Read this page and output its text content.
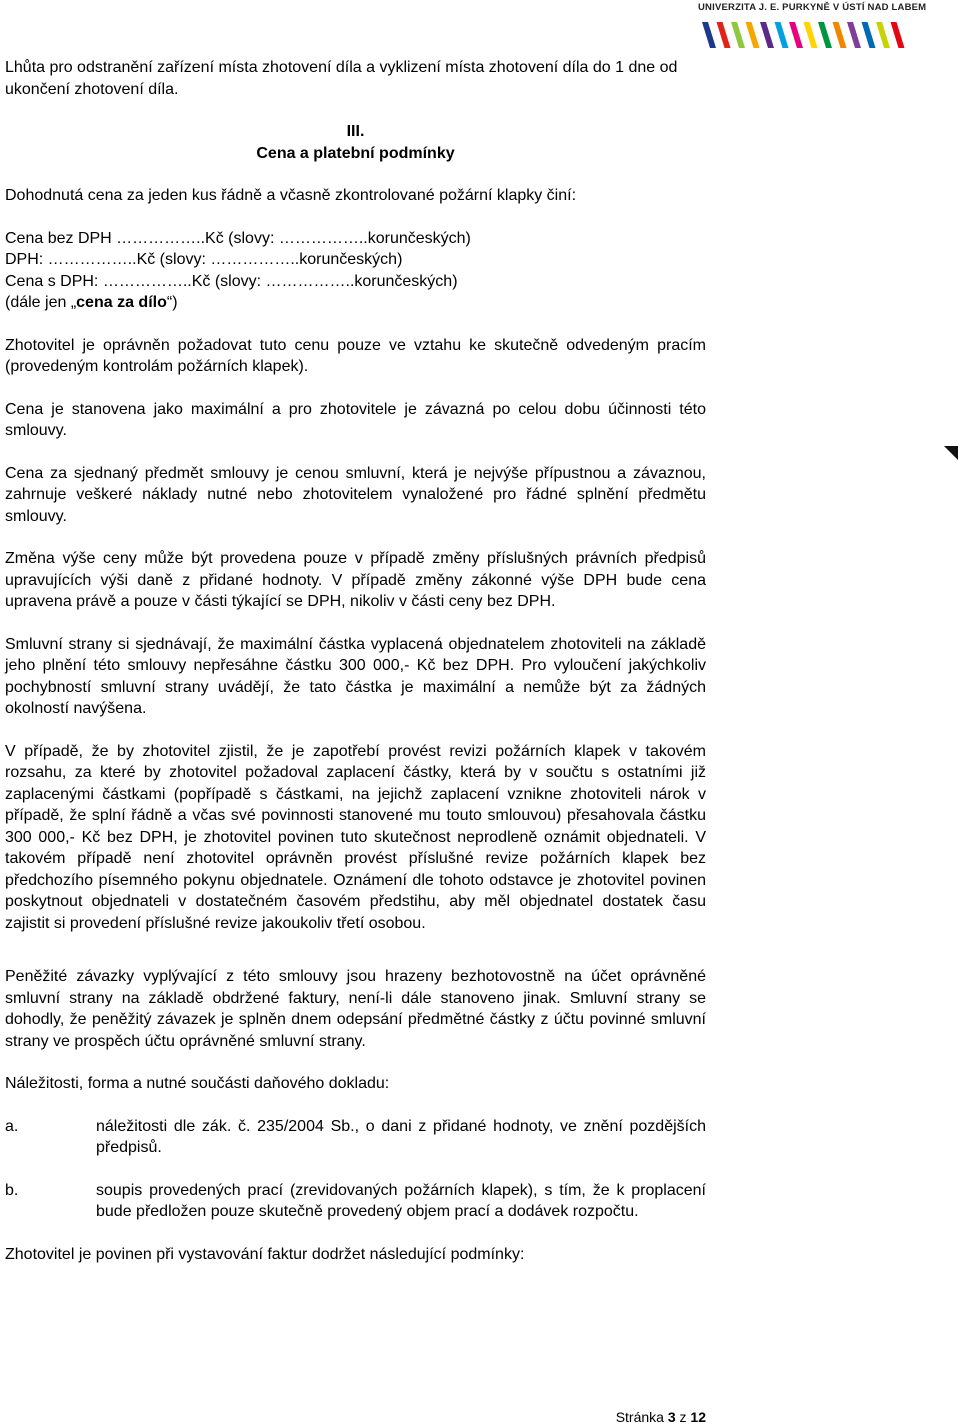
UNIVERZITA J. E. PURKYNĚ V ÚSTÍ NAD LABEM

Lhůta pro odstranění zařízení místa zhotovení díla a vyklizení místa zhotovení díla do 1 dne od ukončení zhotovení díla.

III.

Cena a platební podmínky

Dohodnutá cena za jeden kus řádně a včasně zkontrolované požární klapky činí:

Cena bez DPH ……………..Kč (slovy: ……………..korunčeských)

DPH: ……………..Kč (slovy: ……………..korunčeských)

Cena s DPH: ……………..Kč (slovy: ……………..korunčeských)

(dále jen „cena za dílo“)

Zhotovitel je oprávněn požadovat tuto cenu pouze ve vztahu ke skutečně odvedeným pracím (provedeným kontrolám požárních klapek).

Cena je stanovena jako maximální a pro zhotovitele je závazná po celou dobu účinnosti této smlouvy.

Cena za sjednaný předmět smlouvy je cenou smluvní, která je nejvýše přípustnou a závaznou, zahrnuje veškeré náklady nutné nebo zhotovitelem vynaložené pro řádné splnění předmětu smlouvy.

Změna výše ceny může být provedena pouze v případě změny příslušných právních předpisů upravujících výši daně z přidané hodnoty. V případě změny zákonné výše DPH bude cena upravena právě a pouze v části týkající se DPH, nikoliv v části ceny bez DPH.

Smluvní strany si sjednávají, že maximální částka vyplacená objednatelem zhotoviteli na základě jeho plnění této smlouvy nepřesáhne částku 300 000,- Kč bez DPH. Pro vyloučení jakýchkoliv pochybností smluvní strany uvádějí, že tato částka je maximální a nemůže být za žádných okolností navýšena.

V případě, že by zhotovitel zjistil, že je zapotřebí provést revizi požárních klapek v takovém rozsahu, za které by zhotovitel požadoval zaplacení částky, která by v součtu s ostatními již zaplacenými částkami (popřípadě s částkami, na jejichž zaplacení vznikne zhotoviteli nárok v případě, že splní řádně a včas své povinnosti stanovené mu touto smlouvou) přesahovala částku 300 000,- Kč bez DPH, je zhotovitel povinen tuto skutečnost neprodleně oznámit objednateli. V takovém případě není zhotovitel oprávněn provést příslušné revize požárních klapek bez předchozího písemného pokynu objednatele. Oznámení dle tohoto odstavce je zhotovitel povinen poskytnout objednateli v dostatečném časovém předstihu, aby měl objednatel dostatek času zajistit si provedení příslušné revize jakoukoliv třetí osobou.

Peněžité závazky vyplývající z této smlouvy jsou hrazeny bezhotovostně na účet oprávněné smluvní strany na základě obdržené faktury, není-li dále stanoveno jinak. Smluvní strany se dohodly, že peněžitý závazek je splněn dnem odepsání předmětné částky z účtu povinné smluvní strany ve prospěch účtu oprávněné smluvní strany.

Náležitosti, forma a nutné součásti daňového dokladu:

a.	náležitosti dle zák. č. 235/2004 Sb., o dani z přidané hodnoty, ve znění pozdějších předpisů.
b.	soupis provedených prací (zrevidovaných požárních klapek), s tím, že k proplacení bude předložen pouze skutečně provedený objem prací a dodávek rozpočtu.

Zhotovitel je povinen při vystavování faktur dodržet následující podmínky:

Stránka 3 z 12
